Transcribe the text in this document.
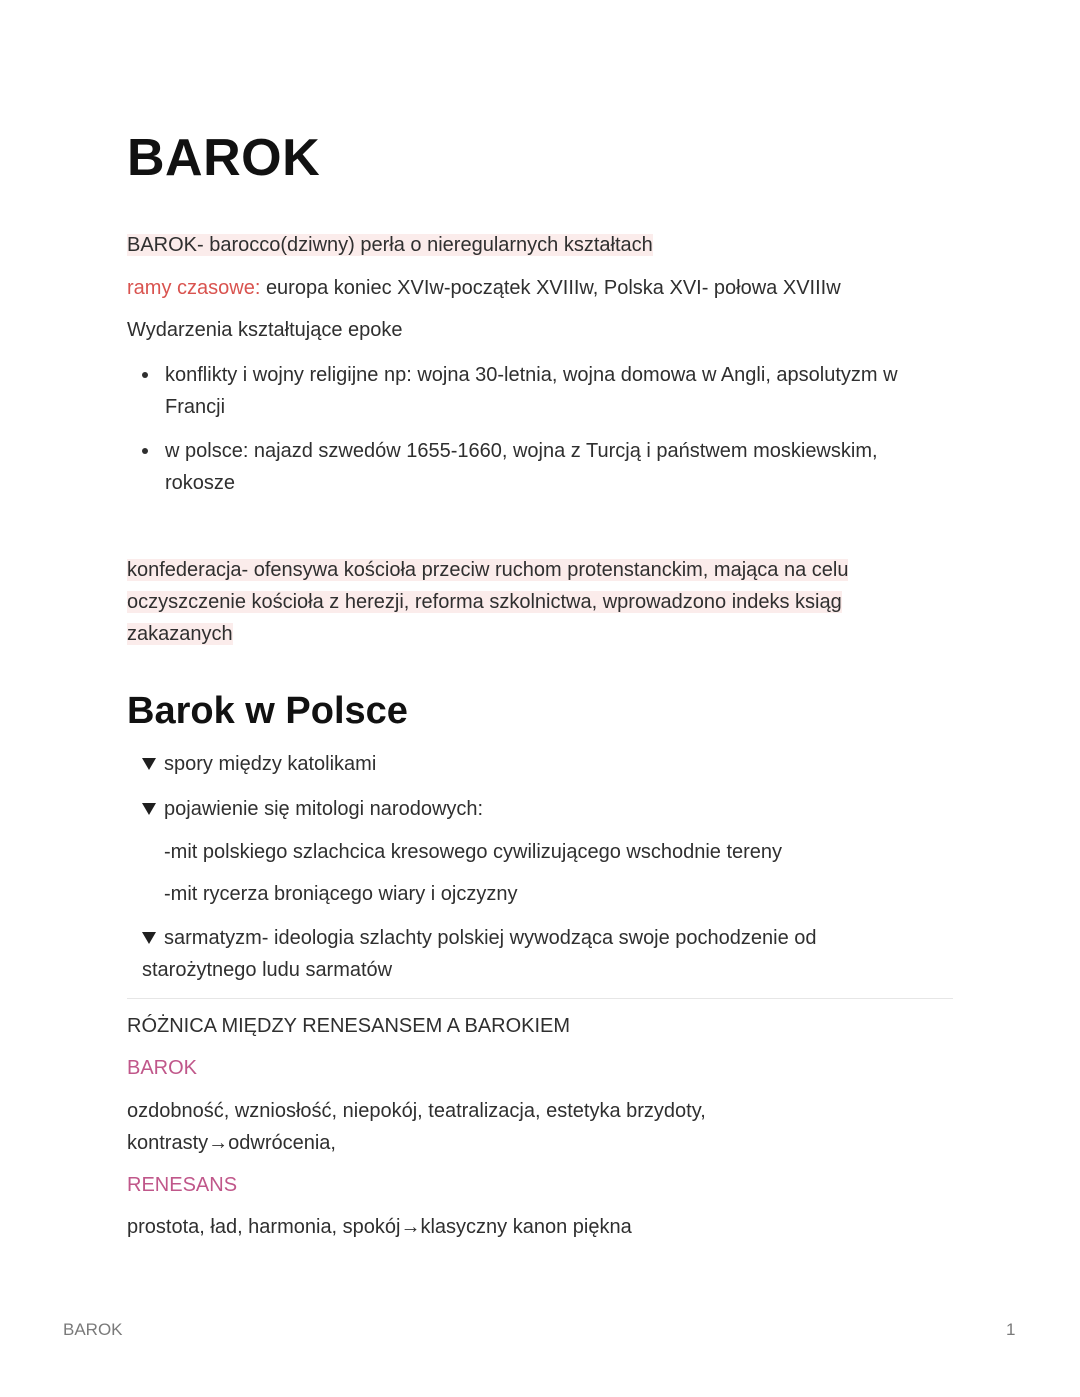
BAROK
BAROK- barocco(dziwny) perła o nieregularnych kształtach
ramy czasowe: europa koniec XVIw-początek XVIIIw, Polska XVI- połowa XVIIIw
Wydarzenia kształtujące epoke
konflikty i wojny religijne np: wojna 30-letnia, wojna domowa w Angli, apsolutyzm w
Francji
w polsce: najazd szwedów 1655-1660, wojna z Turcją i państwem moskiewskim,
rokosze
konfederacja- ofensywa kościoła przeciw ruchom protenstanckim, mająca na celu
oczyszczenie kościoła z herezji, reforma szkolnictwa, wprowadzono indeks ksiąg
zakazanych
Barok w Polsce
spory między katolikami
pojawienie się mitologi narodowych:
-mit polskiego szlachcica kresowego cywilizującego wschodnie tereny
-mit rycerza broniącego wiary i ojczyzny
sarmatyzm- ideologia szlachty polskiej wywodząca swoje pochodzenie od
starożytnego ludu sarmatów
RÓŻNICA MIĘDZY RENESANSEM A BAROKIEM
BAROK
ozdobność, wzniosłość, niepokój, teatralizacja, estetyka brzydoty,
kontrasty→odwrócenia,
RENESANS
prostota, ład, harmonia, spokój→klasyczny kanon piękna
BAROK	1
